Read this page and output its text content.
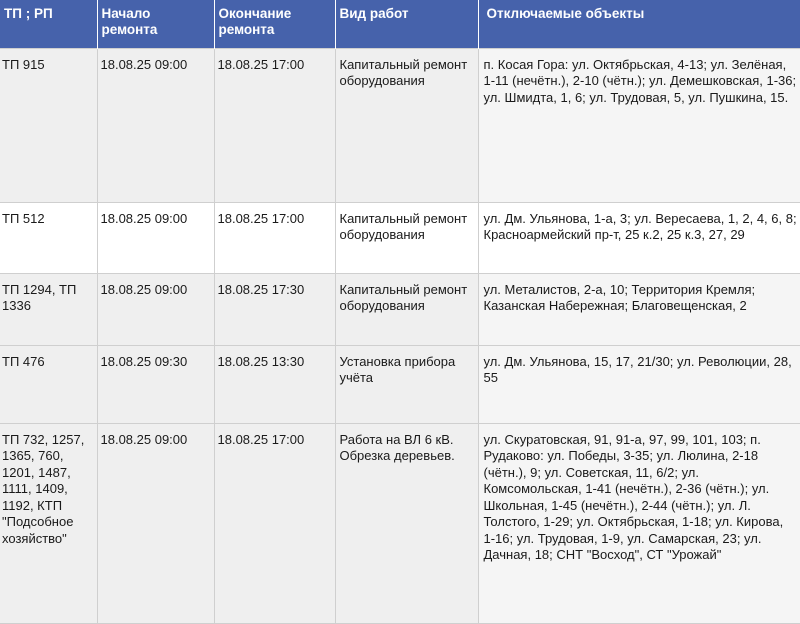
ТП ; РП	Начало ремонта	Окончание ремонта	Вид работ	Отключаемые объекты
ТП 915	18.08.25 09:00	18.08.25 17:00	Капитальный ремонт оборудования	п. Косая Гора: ул. Октябрьская, 4-13; ул. Зелёная, 1-11 (нечётн.), 2-10 (чётн.); ул. Демешковская, 1-36; ул. Шмидта, 1, 6; ул. Трудовая, 5, ул. Пушкина, 15.
ТП 512	18.08.25 09:00	18.08.25 17:00	Капитальный ремонт оборудования	ул. Дм. Ульянова, 1-а, 3; ул. Вересаева, 1, 2, 4, 6, 8; Красноармейский пр-т, 25 к.2, 25 к.3, 27, 29
ТП 1294, ТП 1336	18.08.25 09:00	18.08.25 17:30	Капитальный ремонт оборудования	ул. Металистов, 2-а, 10; Территория Кремля; Казанская Набережная; Благовещенская, 2
ТП 476	18.08.25 09:30	18.08.25 13:30	Установка прибора учёта	ул. Дм. Ульянова, 15, 17, 21/30; ул. Революции, 28, 55
ТП 732, 1257, 1365, 760, 1201, 1487, 1111, 1409, 1192, КТП "Подсобное хозяйство"	18.08.25 09:00	18.08.25 17:00	Работа на ВЛ 6 кВ. Обрезка деревьев.	ул. Скуратовская, 91, 91-а, 97, 99, 101, 103; п. Рудаково: ул. Победы, 3-35; ул. Люлина, 2-18 (чётн.), 9; ул. Советская, 11, 6/2; ул. Комсомольская, 1-41 (нечётн.), 2-36 (чётн.); ул. Школьная, 1-45 (нечётн.), 2-44 (чётн.); ул. Л. Толстого, 1-29; ул. Октябрьская, 1-18; ул. Кирова, 1-16; ул. Трудовая, 1-9, ул. Самарская, 23; ул. Дачная, 18; СНТ "Восход", СТ "Урожай"
